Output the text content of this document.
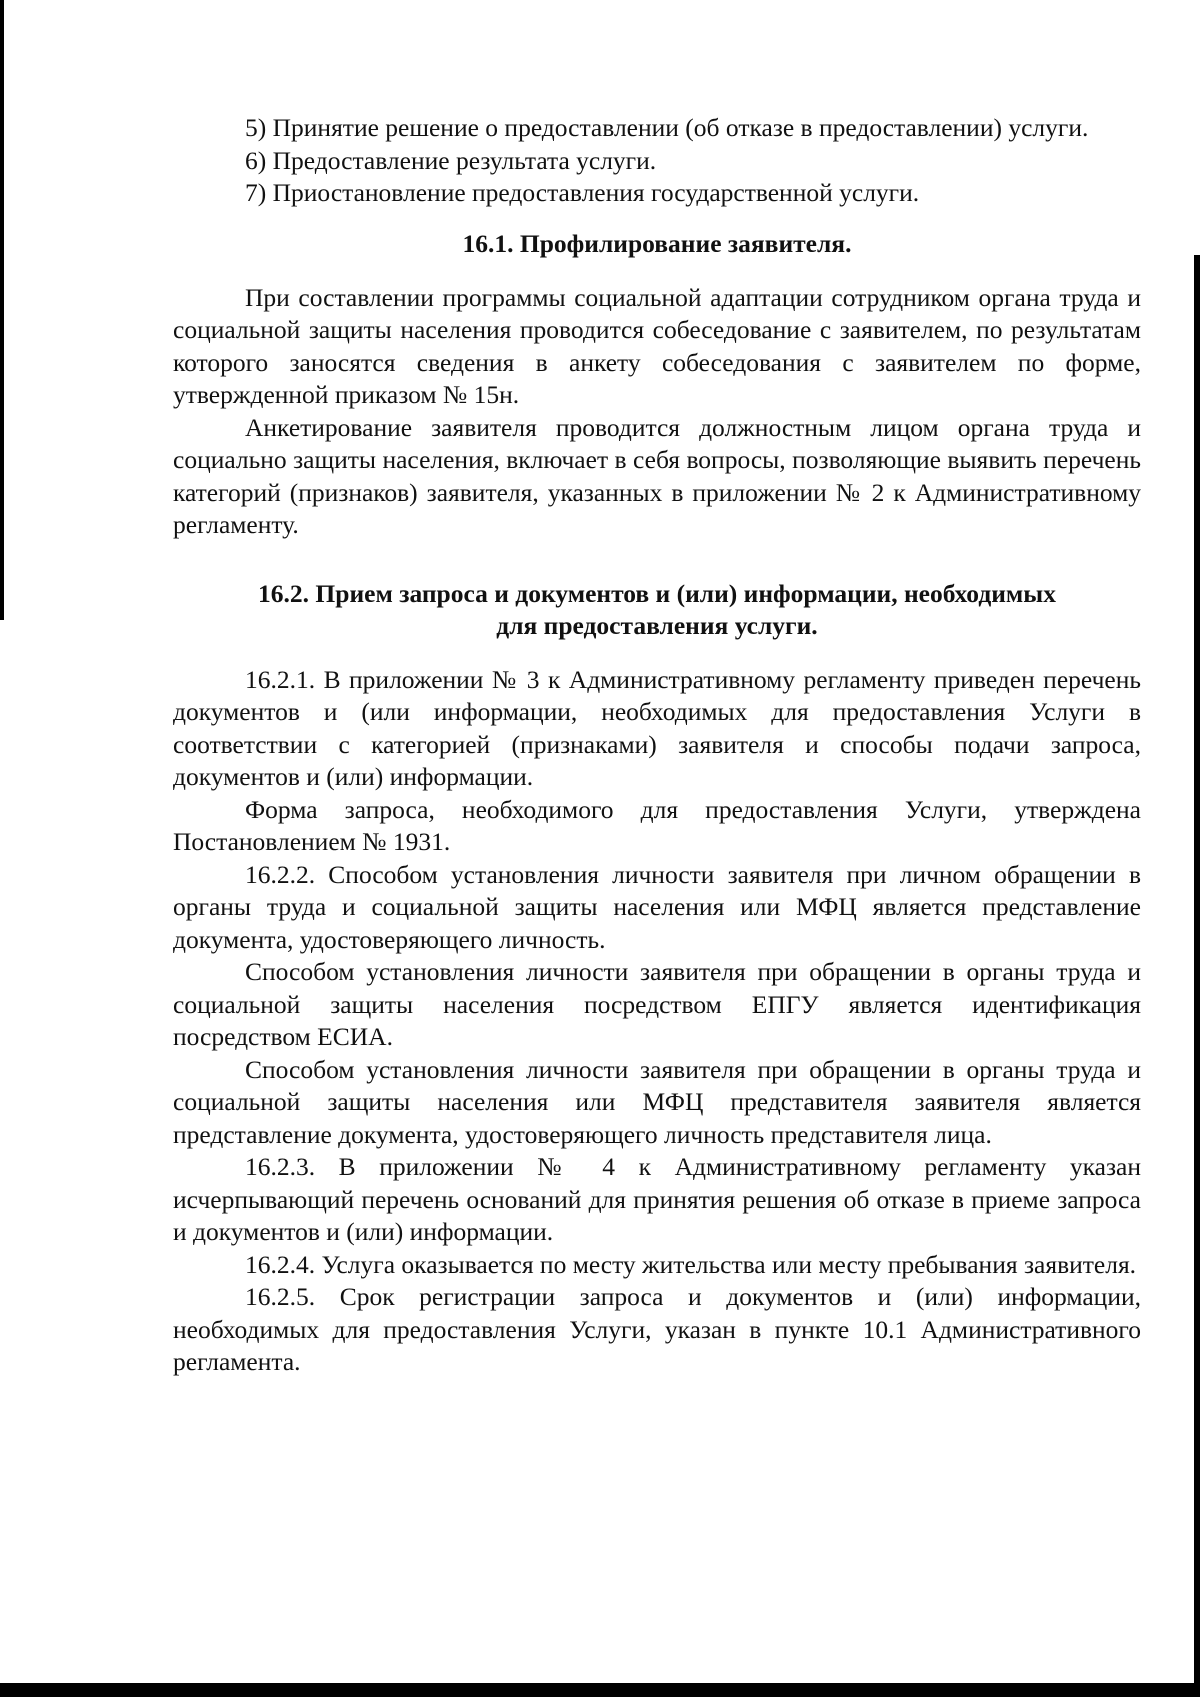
5) Принятие решение о предоставлении (об отказе в предоставлении) услуги.

6) Предоставление результата услуги.

7) Приостановление предоставления государственной услуги.

16.1. Профилирование заявителя.

При составлении программы социальной адаптации сотрудником органа труда и социальной защиты населения проводится собеседование с заявителем, по результатам которого заносятся сведения в анкету собеседования с заявителем по форме, утвержденной приказом № 15н.

Анкетирование заявителя проводится должностным лицом органа труда и социально защиты населения, включает в себя вопросы, позволяющие выявить перечень категорий (признаков) заявителя, указанных в приложении № 2 к Административному регламенту.

16.2. Прием запроса и документов и (или) информации, необходимых
для предоставления услуги.

16.2.1. В приложении № 3 к Административному регламенту приведен перечень документов и (или информации, необходимых для предоставления Услуги в соответствии с категорией (признаками) заявителя и способы подачи запроса, документов и (или) информации.

Форма запроса, необходимого для предоставления Услуги, утверждена Постановлением № 1931.

16.2.2. Способом установления личности заявителя при личном обращении в органы труда и социальной защиты населения или МФЦ является представление документа, удостоверяющего личность.

Способом установления личности заявителя при обращении в органы труда и социальной защиты населения посредством ЕПГУ является идентификация посредством ЕСИА.

Способом установления личности заявителя при обращении в органы труда и социальной защиты населения или МФЦ представителя заявителя является представление документа, удостоверяющего личность представителя лица.

16.2.3. В приложении № 4 к Административному регламенту указан исчерпывающий перечень оснований для принятия решения об отказе в приеме запроса и документов и (или) информации.

16.2.4. Услуга оказывается по месту жительства или месту пребывания заявителя.

16.2.5. Срок регистрации запроса и документов и (или) информации, необходимых для предоставления Услуги, указан в пункте 10.1 Административного регламента.
